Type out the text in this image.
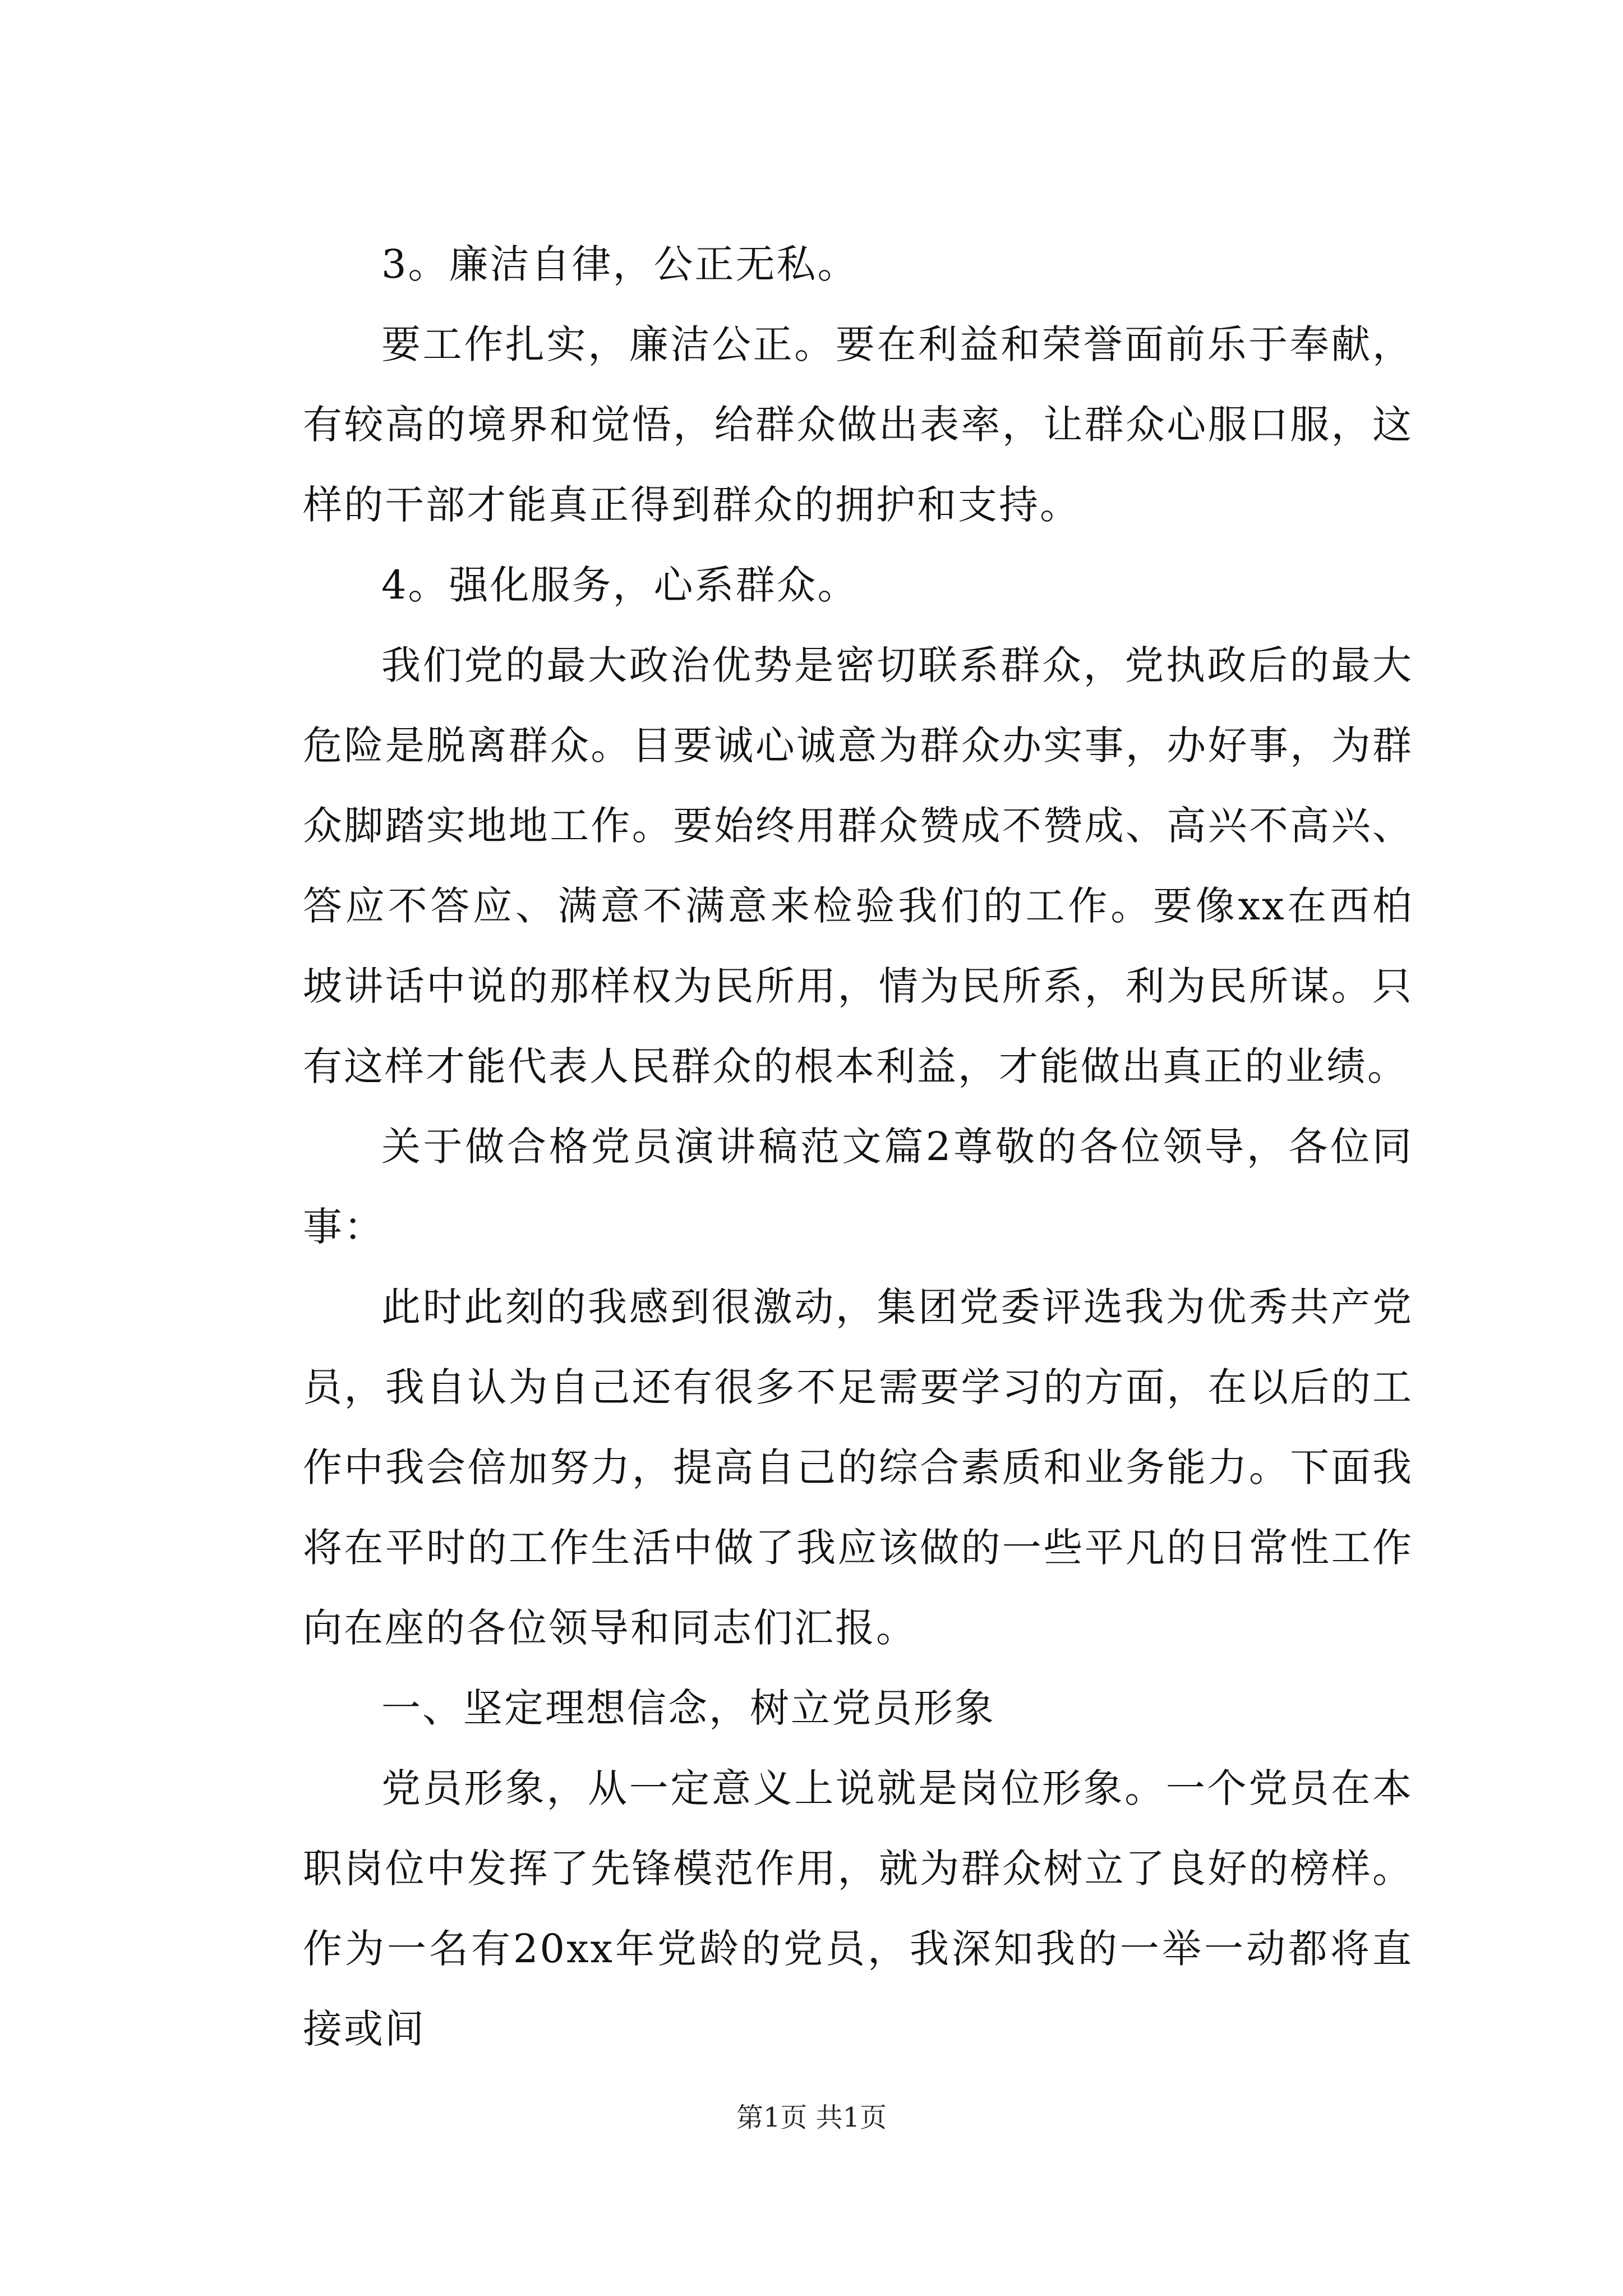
3。廉洁自律，公正无私。

要工作扎实，廉洁公正。要在利益和荣誉面前乐于奉献，有较高的境界和觉悟，给群众做出表率，让群众心服口服，这样的干部才能真正得到群众的拥护和支持。

4。强化服务，心系群众。

我们党的最大政治优势是密切联系群众，党执政后的最大危险是脱离群众。目要诚心诚意为群众办实事，办好事，为群众脚踏实地地工作。要始终用群众赞成不赞成、高兴不高兴、答应不答应、满意不满意来检验我们的工作。要像xx在西柏坡讲话中说的那样权为民所用，情为民所系，利为民所谋。只有这样才能代表人民群众的根本利益，才能做出真正的业绩。

关于做合格党员演讲稿范文篇2尊敬的各位领导，各位同事：

此时此刻的我感到很激动，集团党委评选我为优秀共产党员，我自认为自己还有很多不足需要学习的方面，在以后的工作中我会倍加努力，提高自己的综合素质和业务能力。下面我将在平时的工作生活中做了我应该做的一些平凡的日常性工作向在座的各位领导和同志们汇报。

一、坚定理想信念，树立党员形象

党员形象，从一定意义上说就是岗位形象。一个党员在本职岗位中发挥了先锋模范作用，就为群众树立了良好的榜样。作为一名有20xx年党龄的党员，我深知我的一举一动都将直接或间

第1页 共1页
